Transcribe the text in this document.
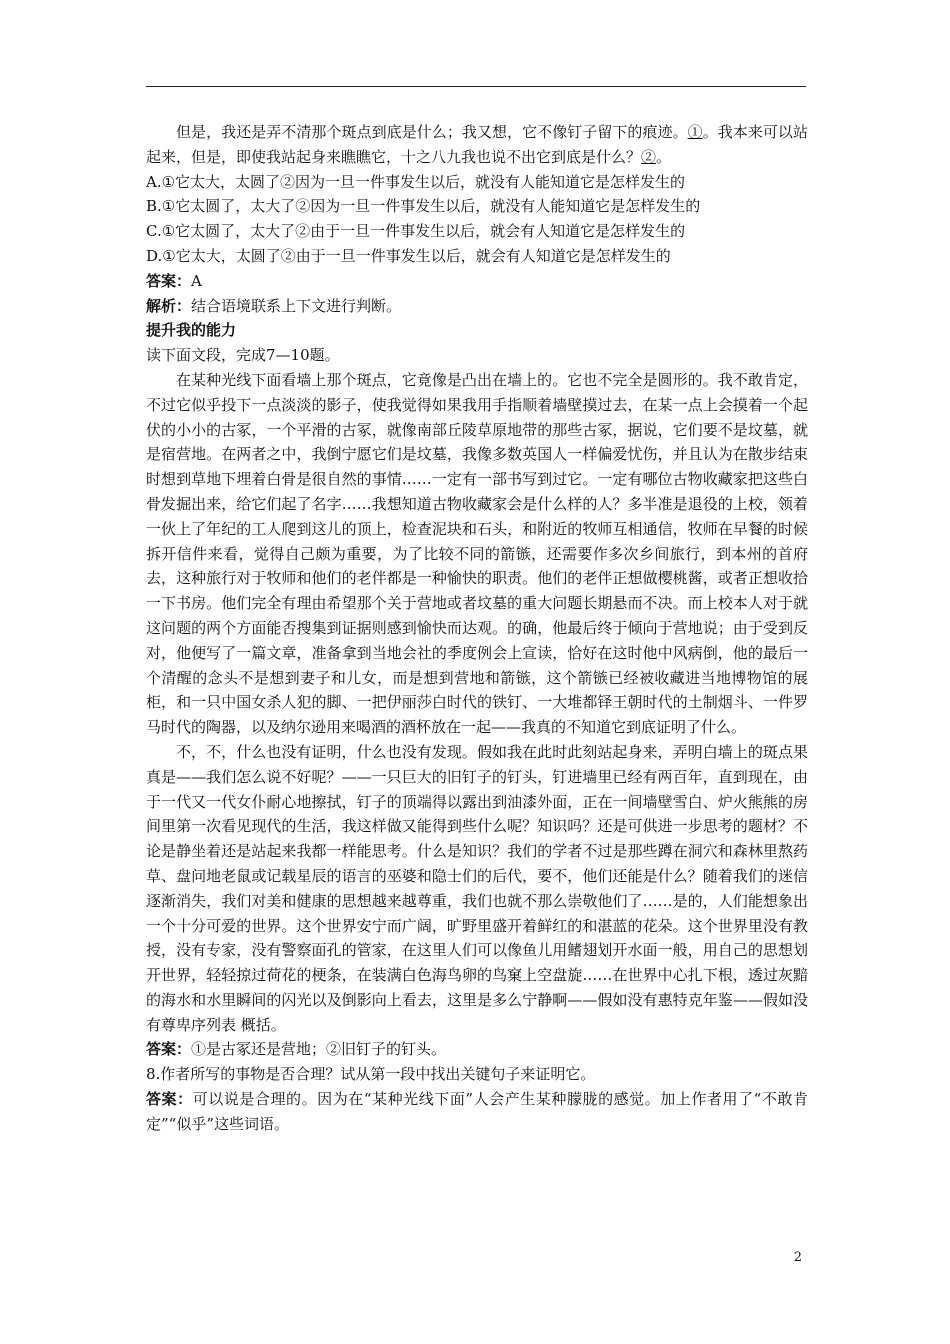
但是，我还是弄不清那个斑点到底是什么；我又想，它不像钉子留下的痕迹。①。我本来可以站起来，但是，即使我站起身来瞧瞧它，十之八九我也说不出它到底是什么？②。

A.①它太大，太圆了②因为一旦一件事发生以后，就没有人能知道它是怎样发生的

B.①它太圆了，太大了②因为一旦一件事发生以后，就没有人能知道它是怎样发生的

C.①它太圆了，太大了②由于一旦一件事发生以后，就会有人知道它是怎样发生的

D.①它太大，太圆了②由于一旦一件事发生以后，就会有人知道它是怎样发生的

答案：A

解析：结合语境联系上下文进行判断。

提升我的能力

读下面文段，完成7—10题。

在某种光线下面看墙上那个斑点，它竟像是凸出在墙上的。它也不完全是圆形的。我不敢肯定，不过它似乎投下一点淡淡的影子，使我觉得如果我用手指顺着墙壁摸过去，在某一点上会摸着一个起伏的小小的古冢，一个平滑的古冢，就像南部丘陵草原地带的那些古冢，据说，它们要不是坟墓，就是宿营地。在两者之中，我倒宁愿它们是坟墓，我像多数英国人一样偏爱忧伤，并且认为在散步结束时想到草地下埋着白骨是很自然的事情……一定有一部书写到过它。一定有哪位古物收藏家把这些白骨发掘出来，给它们起了名字……我想知道古物收藏家会是什么样的人？多半准是退役的上校，领着一伙上了年纪的工人爬到这儿的顶上，检查泥块和石头，和附近的牧师互相通信，牧师在早餐的时候拆开信件来看，觉得自己颇为重要，为了比较不同的箭镞，还需要作多次乡间旅行，到本州的首府去，这种旅行对于牧师和他们的老伴都是一种愉快的职责。他们的老伴正想做樱桃酱，或者正想收拾一下书房。他们完全有理由希望那个关于营地或者坟墓的重大问题长期悬而不决。而上校本人对于就这问题的两个方面能否搜集到证据则感到愉快而达观。的确，他最后终于倾向于营地说；由于受到反对，他便写了一篇文章，准备拿到当地会社的季度例会上宣读，恰好在这时他中风病倒，他的最后一个清醒的念头不是想到妻子和儿女，而是想到营地和箭镞，这个箭镞已经被收藏进当地博物馆的展柜，和一只中国女杀人犯的脚、一把伊丽莎白时代的铁钉、一大堆都铎王朝时代的土制烟斗、一件罗马时代的陶器，以及纳尔逊用来喝酒的酒杯放在一起——我真的不知道它到底证明了什么。

不，不，什么也没有证明，什么也没有发现。假如我在此时此刻站起身来，弄明白墙上的斑点果真是——我们怎么说不好呢？——一只巨大的旧钉子的钉头，钉进墙里已经有两百年，直到现在，由于一代又一代女仆耐心地擦拭，钉子的顶端得以露出到油漆外面，正在一间墙壁雪白、炉火熊熊的房间里第一次看见现代的生活，我这样做又能得到些什么呢？知识吗？还是可供进一步思考的题材？不论是静坐着还是站起来我都一样能思考。什么是知识？我们的学者不过是那些蹲在洞穴和森林里熬药草、盘问地老鼠或记载星辰的语言的巫婆和隐士们的后代，要不，他们还能是什么？随着我们的迷信逐渐消失，我们对美和健康的思想越来越尊重，我们也就不那么崇敬他们了……是的，人们能想象出一个十分可爱的世界。这个世界安宁而广阔，旷野里盛开着鲜红的和湛蓝的花朵。这个世界里没有教授，没有专家，没有警察面孔的管家，在这里人们可以像鱼儿用鳍翅划开水面一般，用自己的思想划开世界，轻轻掠过荷花的梗条，在装满白色海鸟卵的鸟窠上空盘旋……在世界中心扎下根，透过灰黯的海水和水里瞬间的闪光以及倒影向上看去，这里是多么宁静啊——假如没有惠特克年鉴——假如没有尊卑序列表 概括。

答案：①是古冢还是营地；②旧钉子的钉头。

8.作者所写的事物是否合理？试从第一段中找出关键句子来证明它。

答案：可以说是合理的。因为在“某种光线下面”人会产生某种朦胧的感觉。加上作者用了“不敢肯定”“似乎”这些词语。

2
